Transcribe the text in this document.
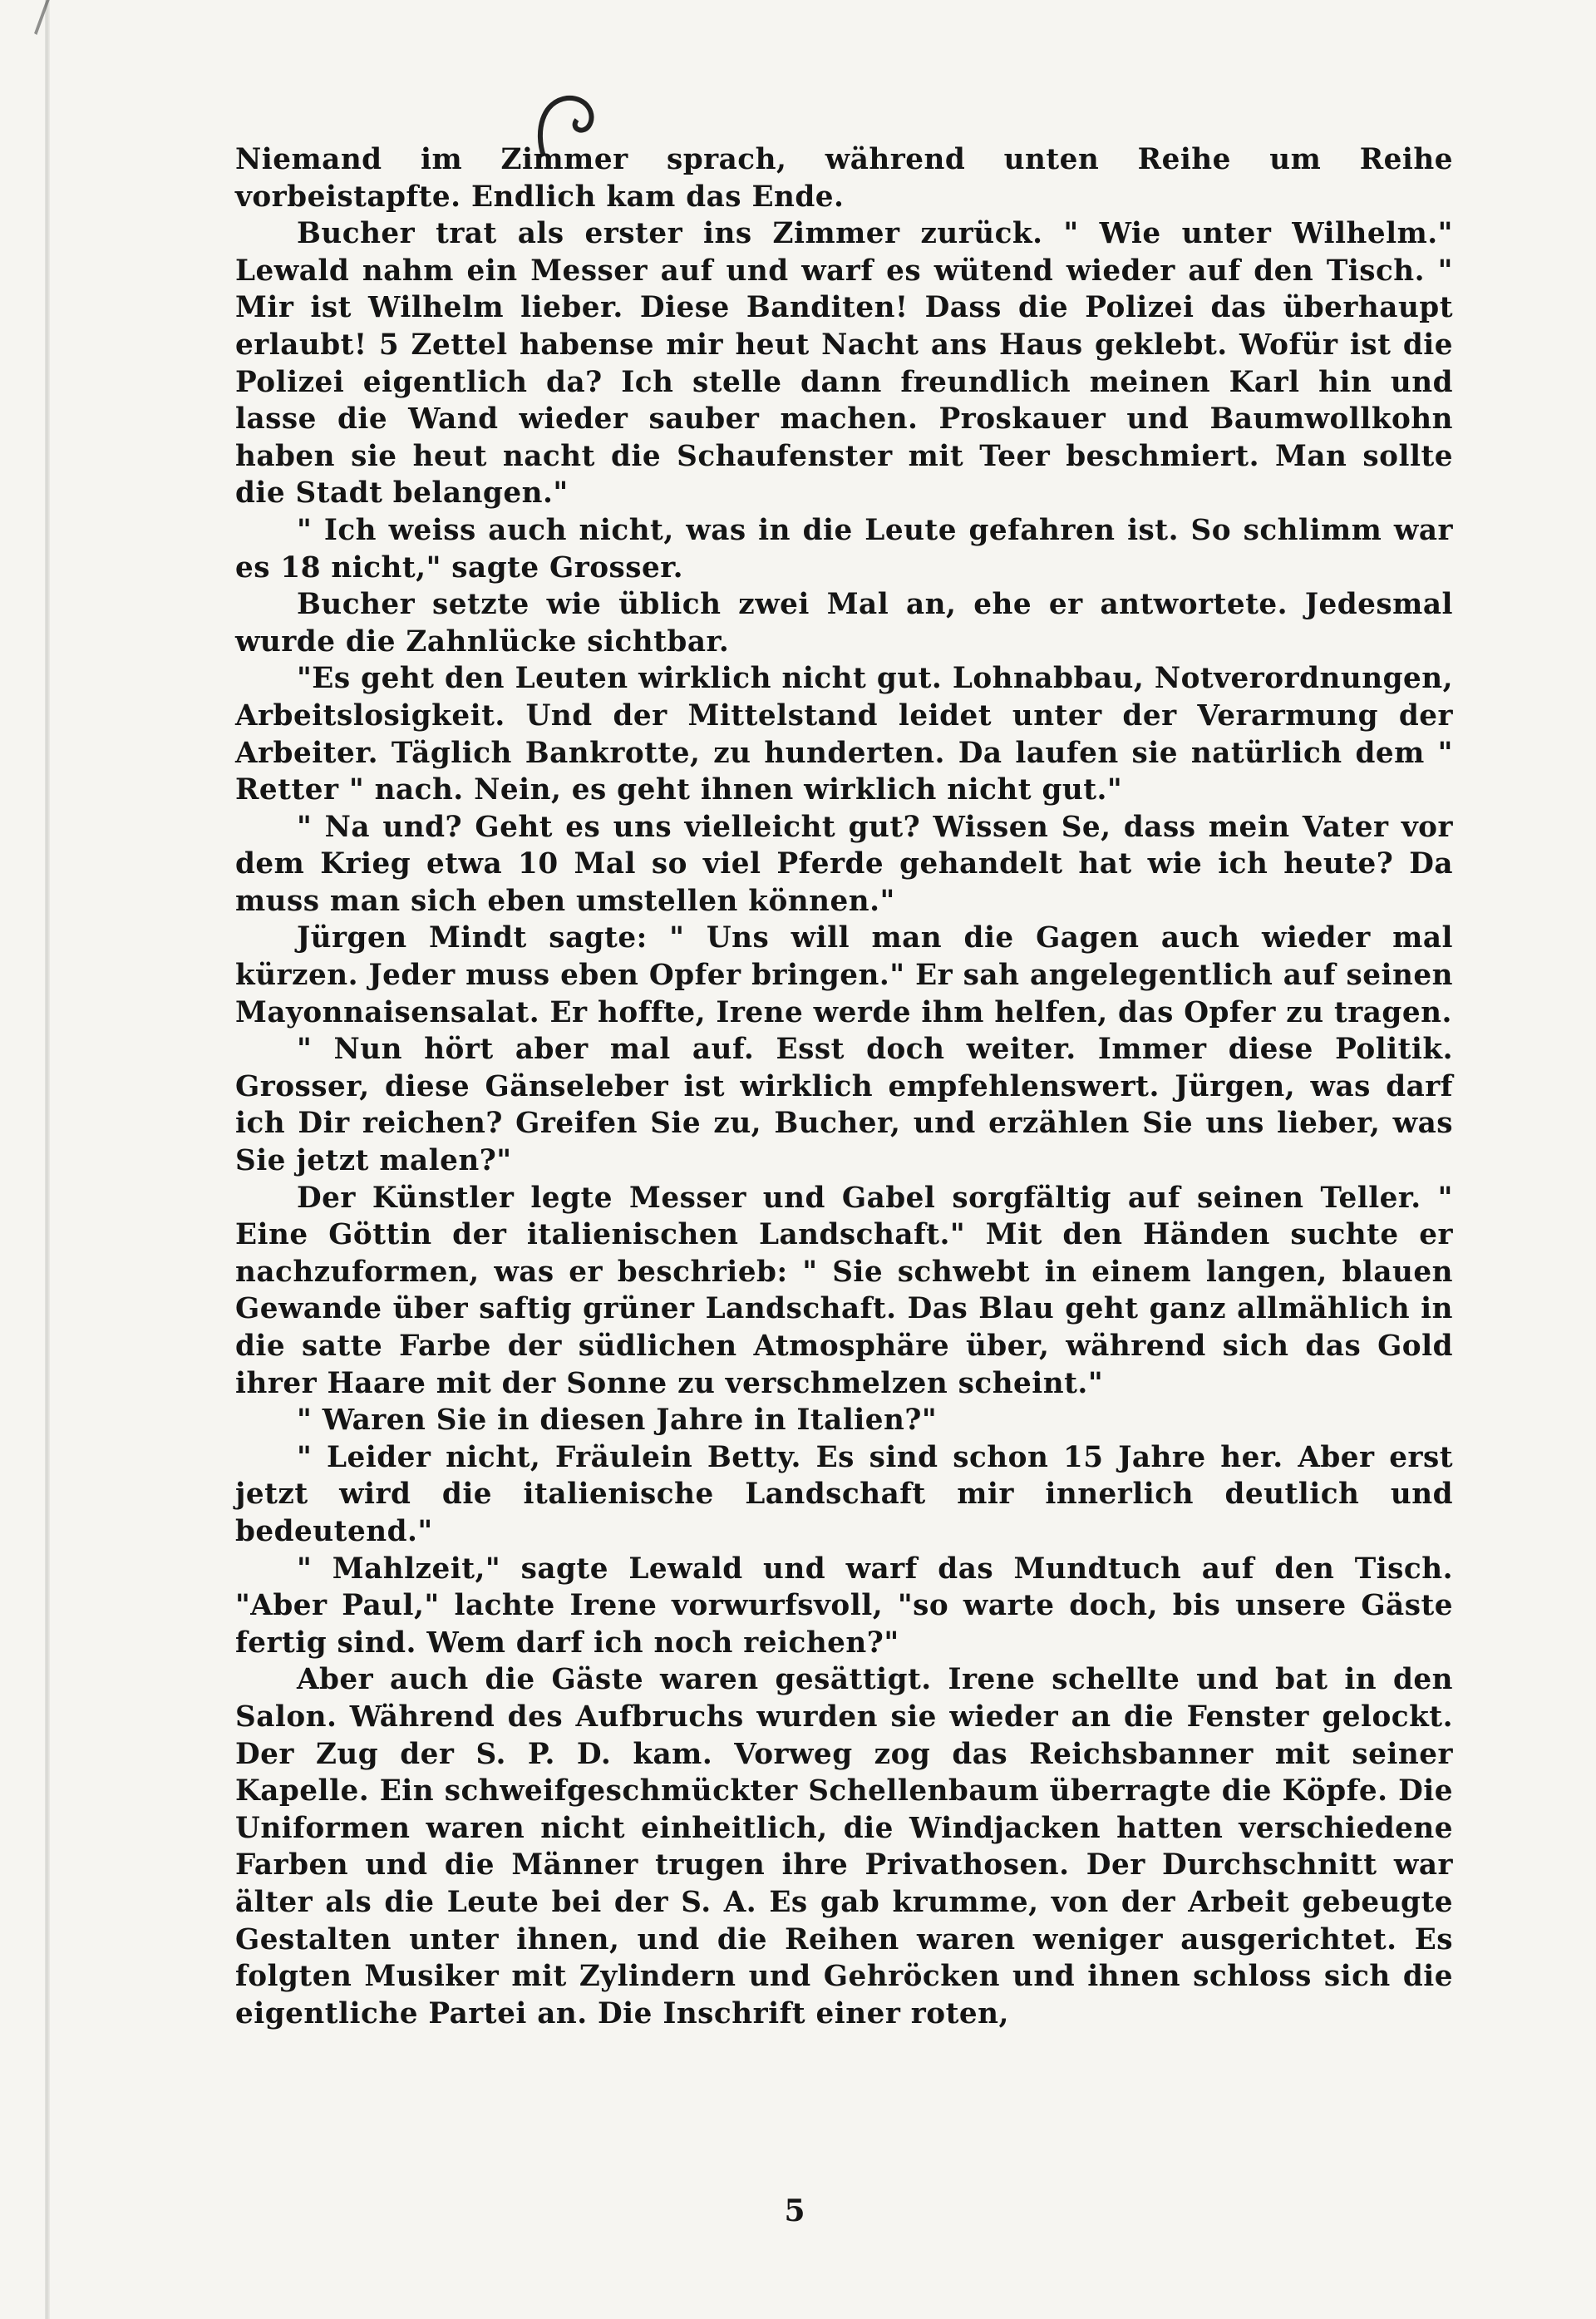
Niemand im Zimmer sprach, während unten Reihe um Reihe vorbeistapfte. Endlich kam das Ende.

Bucher trat als erster ins Zimmer zurück. " Wie unter Wilhelm." Lewald nahm ein Messer auf und warf es wütend wieder auf den Tisch. " Mir ist Wilhelm lieber. Diese Banditen! Dass die Polizei das überhaupt erlaubt! 5 Zettel habense mir heut Nacht ans Haus geklebt. Wofür ist die Polizei eigentlich da? Ich stelle dann freundlich meinen Karl hin und lasse die Wand wieder sauber machen. Proskauer und Baumwollkohn haben sie heut nacht die Schaufenster mit Teer beschmiert. Man sollte die Stadt belangen."

" Ich weiss auch nicht, was in die Leute gefahren ist. So schlimm war es 18 nicht," sagte Grosser.

Bucher setzte wie üblich zwei Mal an, ehe er antwortete. Jedesmal wurde die Zahnlücke sichtbar.

"Es geht den Leuten wirklich nicht gut. Lohnabbau, Notverordnungen, Arbeitslosigkeit. Und der Mittelstand leidet unter der Verarmung der Arbeiter. Täglich Bankrotte, zu hunderten. Da laufen sie natürlich dem " Retter " nach. Nein, es geht ihnen wirklich nicht gut."

" Na und? Geht es uns vielleicht gut? Wissen Se, dass mein Vater vor dem Krieg etwa 10 Mal so viel Pferde gehandelt hat wie ich heute? Da muss man sich eben umstellen können."

Jürgen Mindt sagte: " Uns will man die Gagen auch wieder mal kürzen. Jeder muss eben Opfer bringen." Er sah angelegentlich auf seinen Mayonnaisensalat. Er hoffte, Irene werde ihm helfen, das Opfer zu tragen.

" Nun hört aber mal auf. Esst doch weiter. Immer diese Politik. Grosser, diese Gänseleber ist wirklich empfehlenswert. Jürgen, was darf ich Dir reichen? Greifen Sie zu, Bucher, und erzählen Sie uns lieber, was Sie jetzt malen?"

Der Künstler legte Messer und Gabel sorgfältig auf seinen Teller. " Eine Göttin der italienischen Landschaft." Mit den Händen suchte er nachzuformen, was er beschrieb: " Sie schwebt in einem langen, blauen Gewande über saftig grüner Landschaft. Das Blau geht ganz allmählich in die satte Farbe der südlichen Atmosphäre über, während sich das Gold ihrer Haare mit der Sonne zu verschmelzen scheint."

" Waren Sie in diesen Jahre in Italien?"

" Leider nicht, Fräulein Betty. Es sind schon 15 Jahre her. Aber erst jetzt wird die italienische Landschaft mir innerlich deutlich und bedeutend."

" Mahlzeit," sagte Lewald und warf das Mundtuch auf den Tisch. "Aber Paul," lachte Irene vorwurfsvoll, "so warte doch, bis unsere Gäste fertig sind. Wem darf ich noch reichen?"

Aber auch die Gäste waren gesättigt. Irene schellte und bat in den Salon. Während des Aufbruchs wurden sie wieder an die Fenster gelockt. Der Zug der S. P. D. kam. Vorweg zog das Reichsbanner mit seiner Kapelle. Ein schweifgeschmückter Schellenbaum überragte die Köpfe. Die Uniformen waren nicht einheitlich, die Windjacken hatten verschiedene Farben und die Männer trugen ihre Privathosen. Der Durchschnitt war älter als die Leute bei der S. A. Es gab krumme, von der Arbeit gebeugte Gestalten unter ihnen, und die Reihen waren weniger ausgerichtet. Es folgten Musiker mit Zylindern und Gehröcken und ihnen schloss sich die eigentliche Partei an. Die Inschrift einer roten,

5
